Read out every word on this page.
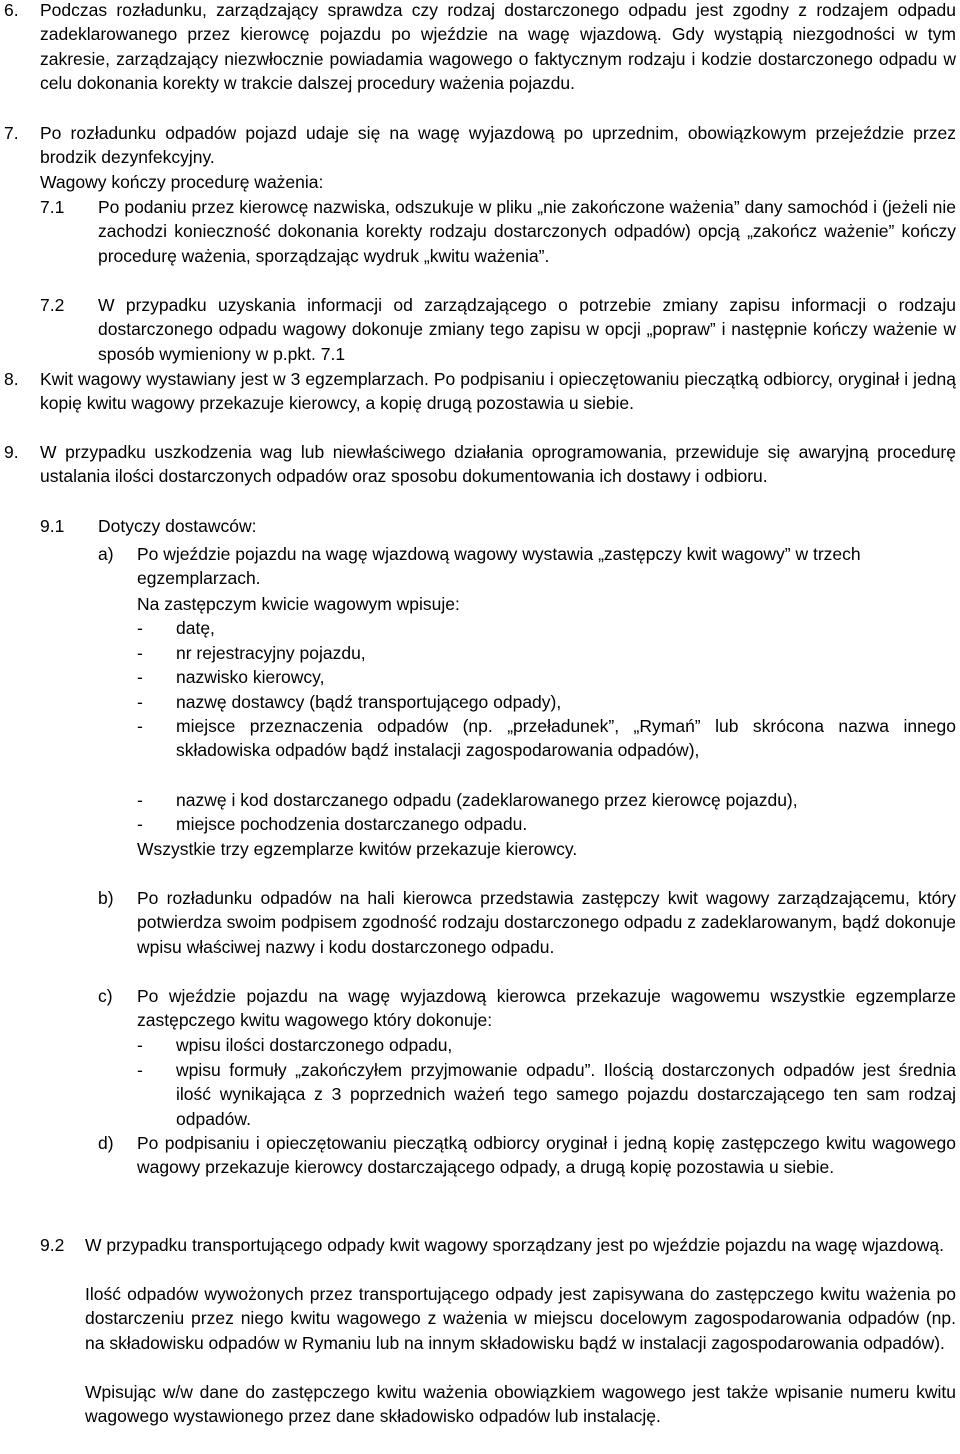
6. Podczas rozładunku, zarządzający sprawdza czy rodzaj dostarczonego odpadu jest zgodny z rodzajem odpadu zadeklarowanego przez kierowcę pojazdu po wjeździe na wagę wjazdową. Gdy wystąpią niezgodności w tym zakresie, zarządzający niezwłocznie powiadamia wagowego o faktycznym rodzaju i kodzie dostarczonego odpadu w celu dokonania korekty w trakcie dalszej procedury ważenia pojazdu.

7. Po rozładunku odpadów pojazd udaje się na wagę wyjazdową po uprzednim, obowiązkowym przejeździe przez brodzik dezynfekcyjny.

Wagowy kończy procedurę ważenia:

7.1 Po podaniu przez kierowcę nazwiska, odszukuje w pliku „nie zakończone ważenia” dany samochód i (jeżeli nie zachodzi konieczność dokonania korekty rodzaju dostarczonych odpadów) opcją „zakończ ważenie” kończy procedurę ważenia, sporządzając wydruk „kwitu ważenia”.

7.2 W przypadku uzyskania informacji od zarządzającego o potrzebie zmiany zapisu informacji o rodzaju dostarczonego odpadu wagowy dokonuje zmiany tego zapisu w opcji „popraw” i następnie kończy ważenie w sposób wymieniony w p.pkt. 7.1

8. Kwit wagowy wystawiany jest w 3 egzemplarzach. Po podpisaniu i opieczętowaniu pieczątką odbiorcy, oryginał i jedną kopię kwitu wagowy przekazuje kierowcy, a kopię drugą pozostawia u siebie.

9. W przypadku uszkodzenia wag lub niewłaściwego działania oprogramowania, przewiduje się awaryjną procedurę ustalania ilości dostarczonych odpadów oraz sposobu dokumentowania ich dostawy i odbioru.

9.1 Dotyczy dostawców:

a) Po wjeździe pojazdu na wagę wjazdową wagowy wystawia „zastępczy kwit wagowy” w trzech egzemplarzach.

Na zastępczym kwicie wagowym wpisuje:

- datę,

- nr rejestracyjny pojazdu,

- nazwisko kierowcy,

- nazwę dostawcy (bądź transportującego odpady),

- miejsce przeznaczenia odpadów (np. „przeładunek”, „Rymań” lub skrócona nazwa innego składowiska odpadów bądź instalacji zagospodarowania odpadów),

- nazwę i kod dostarczanego odpadu (zadeklarowanego przez kierowcę pojazdu),

- miejsce pochodzenia dostarczanego odpadu.

Wszystkie trzy egzemplarze kwitów przekazuje kierowcy.

b) Po rozładunku odpadów na hali kierowca przedstawia zastępczy kwit wagowy zarządzającemu, który potwierdza swoim podpisem zgodność rodzaju dostarczonego odpadu z zadeklarowanym, bądź dokonuje wpisu właściwej nazwy i kodu dostarczonego odpadu.

c) Po wjeździe pojazdu na wagę wyjazdową kierowca przekazuje wagowemu wszystkie egzemplarze zastępczego kwitu wagowego który dokonuje:

- wpisu ilości dostarczonego odpadu,

- wpisu formuły „zakończyłem przyjmowanie odpadu”. Ilością dostarczonych odpadów jest średnia ilość wynikająca z 3 poprzednich ważeń tego samego pojazdu dostarczającego ten sam rodzaj odpadów.

d) Po podpisaniu i opieczętowaniu pieczątką odbiorcy oryginał i jedną kopię zastępczego kwitu wagowego wagowy przekazuje kierowcy dostarczającego odpady, a drugą kopię pozostawia u siebie.

9.2 W przypadku transportującego odpady kwit wagowy sporządzany jest po wjeździe pojazdu na wagę wjazdową.

Ilość odpadów wywożonych przez transportującego odpady jest zapisywana do zastępczego kwitu ważenia po dostarczeniu przez niego kwitu wagowego z ważenia w miejscu docelowym zagospodarowania odpadów (np. na składowisku odpadów w Rymaniu lub na innym składowisku bądź w instalacji zagospodarowania odpadów).

Wpisując w/w dane do zastępczego kwitu ważenia obowiązkiem wagowego jest także wpisanie numeru kwitu wagowego wystawionego przez dane składowisko odpadów lub instalację.
